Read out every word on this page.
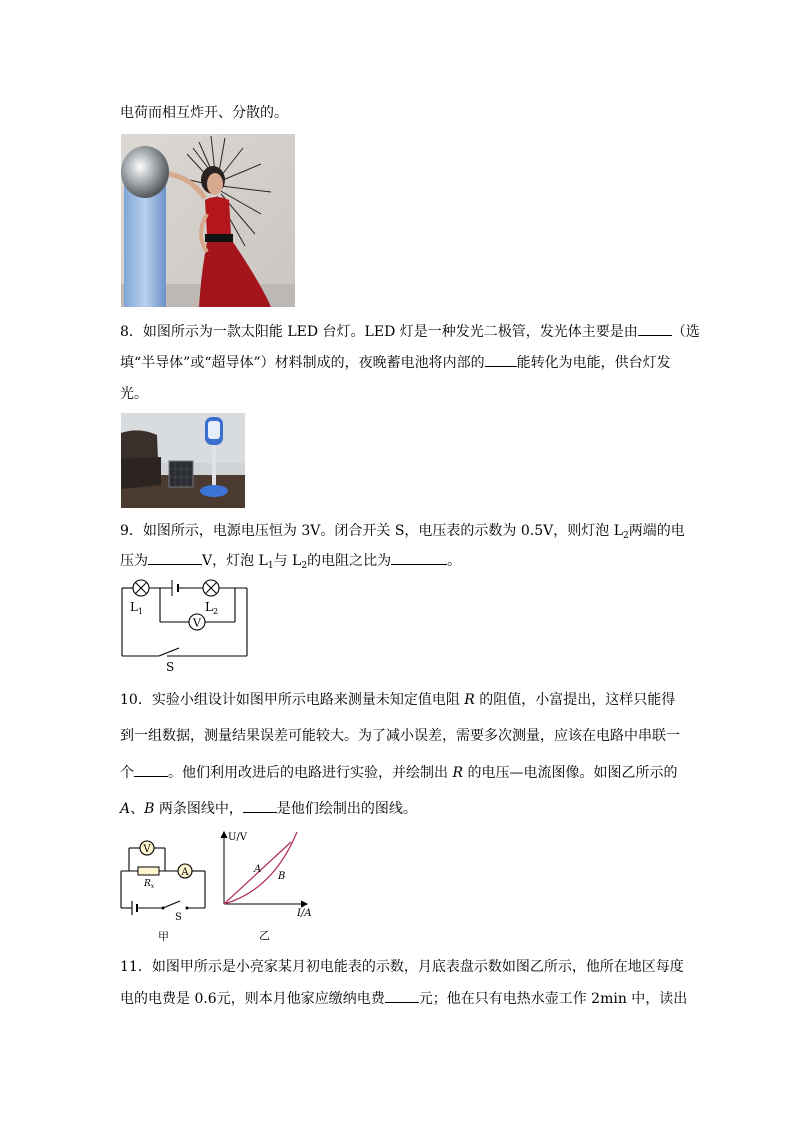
电荷而相互炸开、分散的。
8．如图所示为一款太阳能 LED 台灯。LED 灯是一种发光二极管，发光体主要是由 （选
填“半导体”或“超导体”）材料制成的，夜晚蓄电池将内部的 能转化为电能，供台灯发
光。
9．如图所示，电源电压恒为 3V。闭合开关 S，电压表的示数为 0.5V，则灯泡 $L_2$两端的电
压为	V，灯泡 $L_1$与 $L_2$的电阻之比为	。
V
$L_1$	$L_2$
S
10．实验小组设计如图甲所示电路来测量未知定值电阻 R 的阻值，小富提出，这样只能得
到一组数据，测量结果误差可能较大。为了减小误差，需要多次测量，应该在电路中串联一
个 。他们利用改进后的电路进行实验，并绘制出 R 的电压—电流图像。如图乙所示的
A、B 两条图线中， 是他们绘制出的图线。
V
A
$R_x$
S
甲
U/V
I/A
A
B
乙
11．如图甲所示是小亮家某月初电能表的示数，月底表盘示数如图乙所示，他所在地区每度
电的电费是 0.6元，则本月他家应缴纳电费 元；他在只有电热水壶工作 2min 中，读出
